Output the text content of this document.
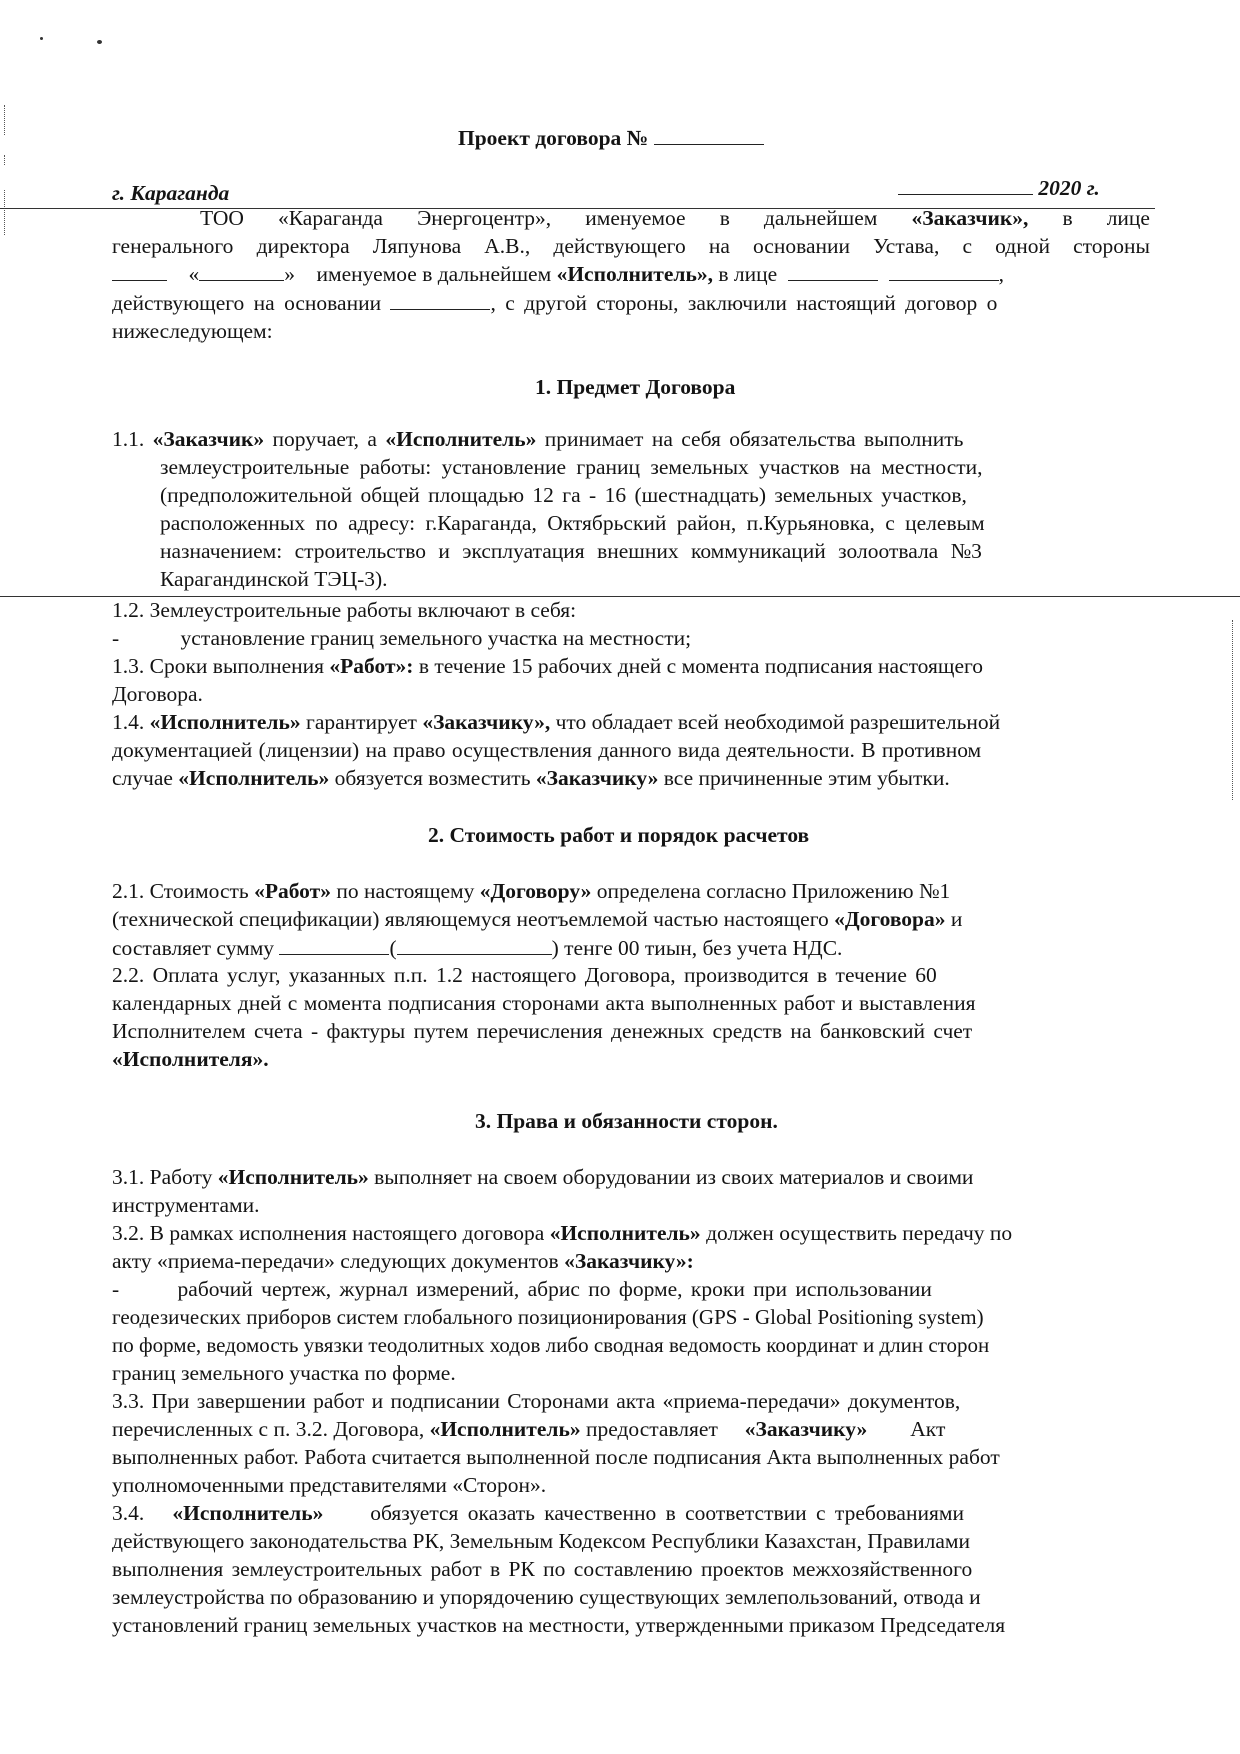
Проект договора №
г. Караганда	2020 г.
ТОО «Караганда Энергоцентр», именуемое в дальнейшем «Заказчик», в лице
генерального директора Ляпунова А.В., действующего на основании Устава, с одной стороны
«	» именуемое в дальнейшем «Исполнитель», в лице	,
действующего на основании	, с другой стороны, заключили настоящий договор о
нижеследующем:
1. Предмет Договора
1.1. «Заказчик» поручает, а «Исполнитель» принимает на себя обязательства выполнить
землеустроительные работы: установление границ земельных участков на местности,
(предположительной общей площадью 12 га - 16 (шестнадцать) земельных участков,
расположенных по адресу: г.Караганда, Октябрьский район, п.Курьяновка, с целевым
назначением: строительство и эксплуатация внешних коммуникаций золоотвала №3
Карагандинской ТЭЦ-3).
1.2. Землеустроительные работы включают в себя:
-	установление границ земельного участка на местности;
1.3. Сроки выполнения «Работ»: в течение 15 рабочих дней с момента подписания настоящего
Договора.
1.4. «Исполнитель» гарантирует «Заказчику», что обладает всей необходимой разрешительной
документацией (лицензии) на право осуществления данного вида деятельности. В противном
случае «Исполнитель» обязуется возместить «Заказчику» все причиненные этим убытки.
2. Стоимость работ и порядок расчетов
2.1. Стоимость «Работ» по настоящему «Договору» определена согласно Приложению №1
(технической спецификации) являющемуся неотъемлемой частью настоящего «Договора» и
составляет сумму	(	) тенге 00 тиын, без учета НДС.
2.2. Оплата услуг, указанных п.п. 1.2 настоящего Договора, производится в течение 60
календарных дней с момента подписания сторонами акта выполненных работ и выставления
Исполнителем счета - фактуры путем перечисления денежных средств на банковский счет
«Исполнителя».
3. Права и обязанности сторон.
3.1. Работу «Исполнитель» выполняет на своем оборудовании из своих материалов и своими
инструментами.
3.2. В рамках исполнения настоящего договора «Исполнитель» должен осуществить передачу по
акту «приема-передачи» следующих документов «Заказчику»:
-	рабочий чертеж, журнал измерений, абрис по форме, кроки при использовании
геодезических приборов систем глобального позиционирования (GPS - Global Positioning system)
по форме, ведомость увязки теодолитных ходов либо сводная ведомость координат и длин сторон
границ земельного участка по форме.
3.3. При завершении работ и подписании Сторонами акта «приема-передачи» документов,
перечисленных с п. 3.2. Договора, «Исполнитель» предоставляет «Заказчику» Акт
выполненных работ. Работа считается выполненной после подписания Акта выполненных работ
уполномоченными представителями «Сторон».
3.4. «Исполнитель» обязуется оказать качественно в соответствии с требованиями
действующего законодательства РК, Земельным Кодексом Республики Казахстан, Правилами
выполнения землеустроительных работ в РК по составлению проектов межхозяйственного
землеустройства по образованию и упорядочению существующих землепользований, отвода и
установлений границ земельных участков на местности, утвержденными приказом Председателя
